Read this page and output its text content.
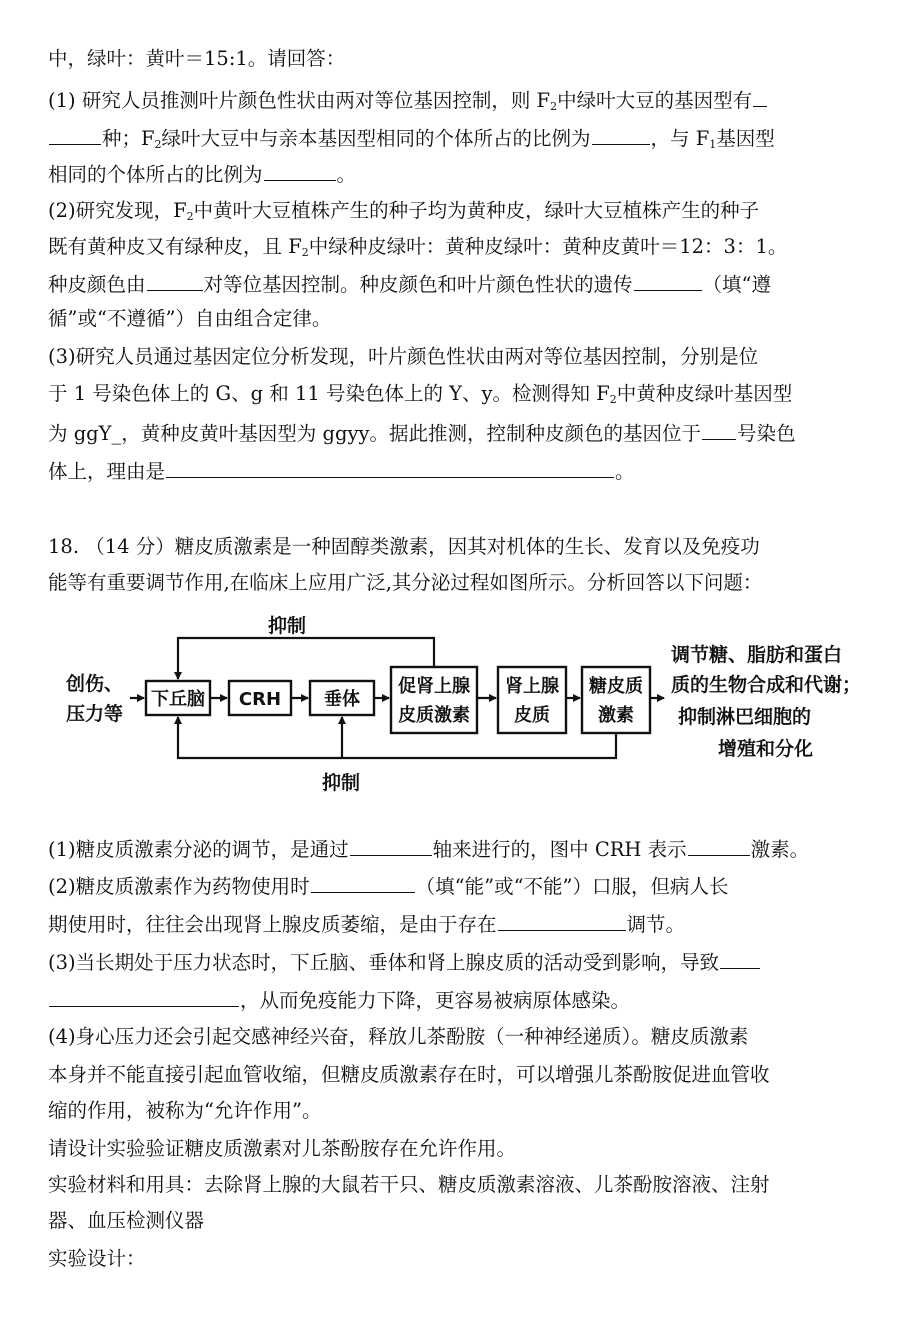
中，绿叶：黄叶＝15:1。请回答：
(1) 研究人员推测叶片颜色性状由两对等位基因控制，则 $F_2$中绿叶大豆的基因型有
种；$F_2$绿叶大豆中与亲本基因型相同的个体所占的比例为	，与 $F_1$基因型
相同的个体所占的比例为	。
(2)研究发现，$F_2$中黄叶大豆植株产生的种子均为黄种皮，绿叶大豆植株产生的种子
既有黄种皮又有绿种皮，且 $F_2$中绿种皮绿叶：黄种皮绿叶：黄种皮黄叶＝12：3：1。
种皮颜色由	对等位基因控制。种皮颜色和叶片颜色性状的遗传	（填“遵
循”或“不遵循”）自由组合定律。
(3)研究人员通过基因定位分析发现，叶片颜色性状由两对等位基因控制，分别是位
于 1 号染色体上的 G、g 和 11 号染色体上的 Y、y。检测得知 $F_2$中黄种皮绿叶基因型
为 ggY_，黄种皮黄叶基因型为 ggyy。据此推测，控制种皮颜色的基因位于 号染色
体上，理由是	。
18. （14 分）糖皮质激素是一种固醇类激素，因其对机体的生长、发育以及免疫功
能等有重要调节作用,在临床上应用广泛,其分泌过程如图所示。分析回答以下问题：
创伤、
压力等
下丘脑 CRH 垂体
促肾上腺
皮质激素
肾上腺
皮质
糖皮质
激素
抑制
抑制
调节糖、脂肪和蛋白
质的生物合成和代谢；
抑制淋巴细胞的
增殖和分化
(1)糖皮质激素分泌的调节，是通过	轴来进行的，图中 CRH 表示	激素。
(2)糖皮质激素作为药物使用时	（填“能”或“不能”）口服，但病人长
期使用时，往往会出现肾上腺皮质萎缩，是由于存在	调节。
(3)当长期处于压力状态时，下丘脑、垂体和肾上腺皮质的活动受到影响，导致
，从而免疫能力下降，更容易被病原体感染。
(4)身心压力还会引起交感神经兴奋，释放儿茶酚胺（一种神经递质）。糖皮质激素
本身并不能直接引起血管收缩，但糖皮质激素存在时，可以增强儿茶酚胺促进血管收
缩的作用，被称为“允许作用”。
请设计实验验证糖皮质激素对儿茶酚胺存在允许作用。
实验材料和用具：去除肾上腺的大鼠若干只、糖皮质激素溶液、儿茶酚胺溶液、注射
器、血压检测仪器
实验设计：
